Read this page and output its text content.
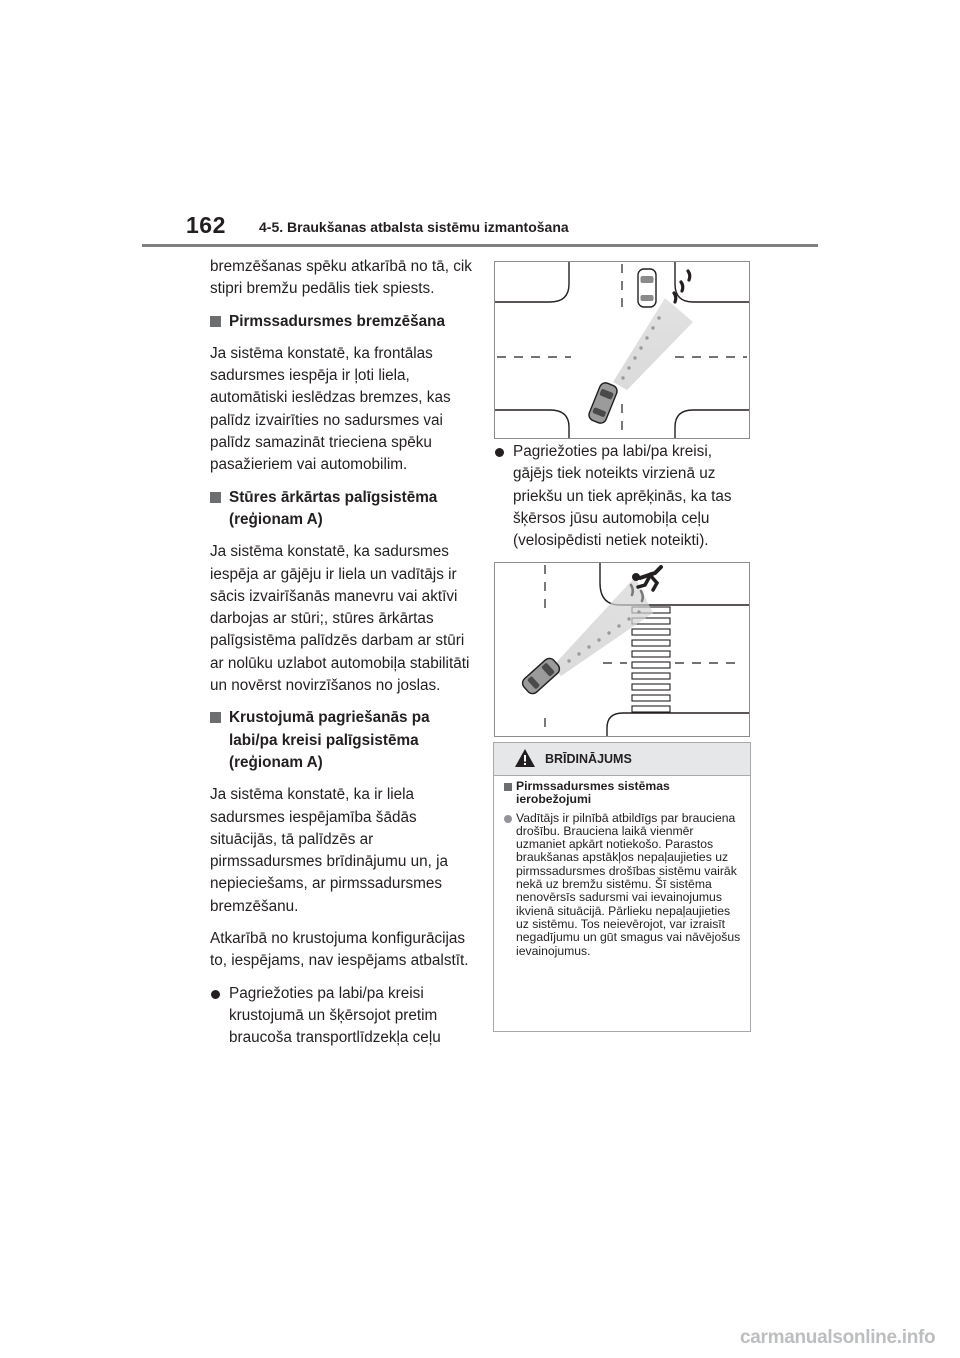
162 4-5. Braukšanas atbalsta sistēmu izmantošana

bremzēšanas spēku atkarībā no tā, cik stipri bremžu pedālis tiek spiests.

Pirmssadursmes bremzēšana

Ja sistēma konstatē, ka frontālas sadursmes iespēja ir ļoti liela, automātiski ieslēdzas bremzes, kas palīdz izvairīties no sadursmes vai palīdz samazināt trieciena spēku pasažieriem vai automobilim.

Stūres ārkārtas palīgsistēma (reģionam A)

Ja sistēma konstatē, ka sadursmes iespēja ar gājēju ir liela un vadītājs ir sācis izvairīšanās manevru vai aktīvi darbojas ar stūri;, stūres ārkārtas palīgsistēma palīdzēs darbam ar stūri ar nolūku uzlabot automobiļa stabilitāti un novērst novirzīšanos no joslas.

Krustojumā pagriešanās pa labi/pa kreisi palīgsistēma (reģionam A)

Ja sistēma konstatē, ka ir liela sadursmes iespējamība šādās situācijās, tā palīdzēs ar pirmssadursmes brīdinājumu un, ja nepieciešams, ar pirmssadursmes bremzēšanu.

Atkarībā no krustojuma konfigurācijas to, iespējams, nav iespējams atbalstīt.

Pagriežoties pa labi/pa kreisi krustojumā un šķērsojot pretim braucoša transportlīdzekļa ceļu
Pagriežoties pa labi/pa kreisi, gājējs tiek noteikts virzienā uz priekšu un tiek aprēķinās, ka tas šķērsos jūsu automobiļa ceļu (velosipēdisti netiek noteikti).
BRĪDINĀJUMS
Pirmssadursmes sistēmas ierobežojumi
Vadītājs ir pilnībā atbildīgs par brauciena drošību. Brauciena laikā vienmēr uzmaniet apkārt notiekošo. Parastos braukšanas apstākļos nepaļaujieties uz pirmssadursmes drošības sistēmu vairāk nekā uz bremžu sistēmu. Šī sistēma nenovērsīs sadursmi vai ievainojumus ikvienā situācijā. Pārlieku nepaļaujieties uz sistēmu. Tos neievērojot, var izraisīt negadījumu un gūt smagus vai nāvējošus ievainojumus.
carmanualsonline.info
